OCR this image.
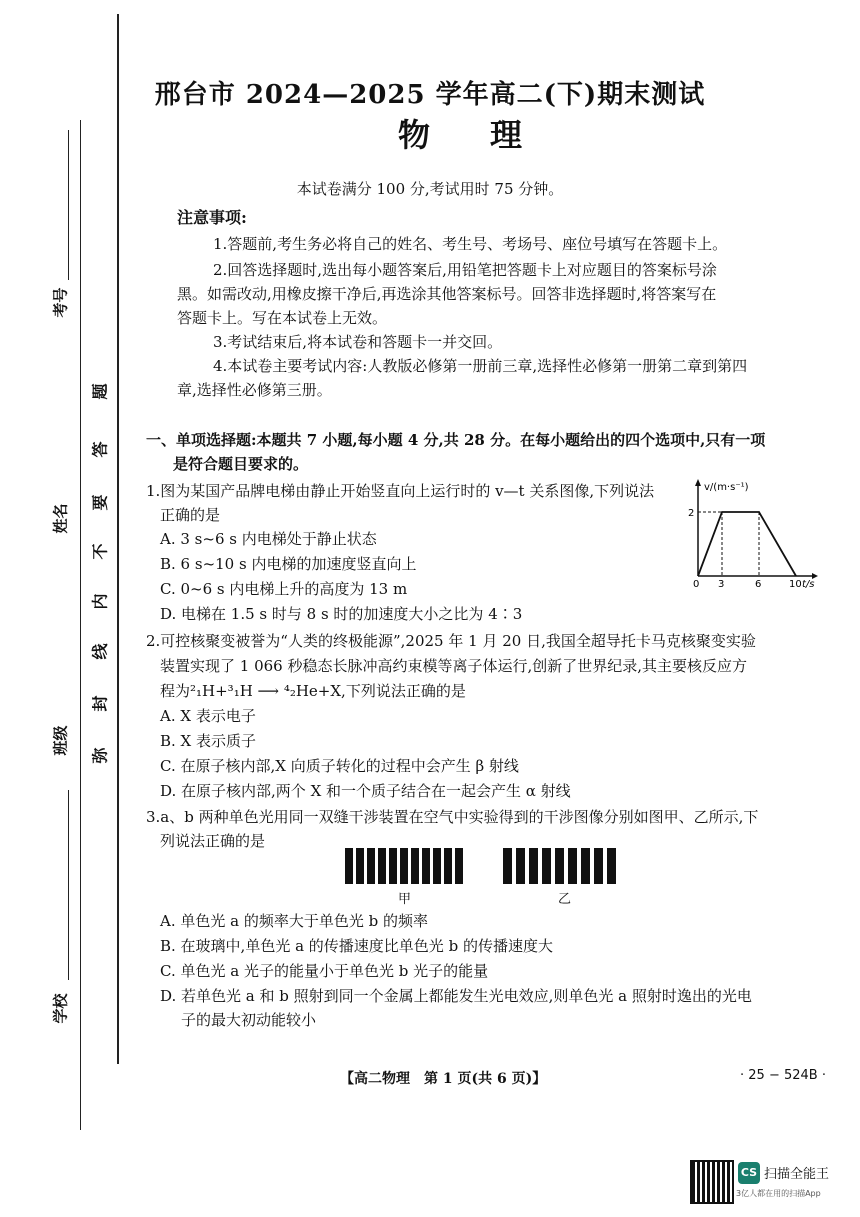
考号
姓名
班级
学校
题
答
要
不
内
线
封
弥
邢台市 2024—2025 学年高二(下)期末测试
物理
本试卷满分 100 分,考试用时 75 分钟。
注意事项:
1.答题前,考生务必将自己的姓名、考生号、考场号、座位号填写在答题卡上。
2.回答选择题时,选出每小题答案后,用铅笔把答题卡上对应题目的答案标号涂
黑。如需改动,用橡皮擦干净后,再选涂其他答案标号。回答非选择题时,将答案写在
答题卡上。写在本试卷上无效。
3.考试结束后,将本试卷和答题卡一并交回。
4.本试卷主要考试内容:人教版必修第一册前三章,选择性必修第一册第二章到第四
章,选择性必修第三册。
一、单项选择题:本题共 7 小题,每小题 4 分,共 28 分。在每小题给出的四个选项中,只有一项
是符合题目要求的。
1.图为某国产品牌电梯由静止开始竖直向上运行时的 v—t 关系图像,下列说法
正确的是
A. 3 s~6 s 内电梯处于静止状态
B. 6 s~10 s 内电梯的加速度竖直向上
C. 0~6 s 内电梯上升的高度为 13 m
D. 电梯在 1.5 s 时与 8 s 时的加速度大小之比为 4∶3
v/(m·s⁻¹)
2
0 3	6	10 t/s
2.可控核聚变被誉为“人类的终极能源”,2025 年 1 月 20 日,我国全超导托卡马克核聚变实验
装置实现了 1 066 秒稳态长脉冲高约束模等离子体运行,创新了世界纪录,其主要核反应方
程为²₁H+³₁H ⟶ ⁴₂He+X,下列说法正确的是
A. X 表示电子
B. X 表示质子
C. 在原子核内部,X 向质子转化的过程中会产生 β 射线
D. 在原子核内部,两个 X 和一个质子结合在一起会产生 α 射线
3.a、b 两种单色光用同一双缝干涉装置在空气中实验得到的干涉图像分别如图甲、乙所示,下
列说法正确的是
甲	乙
A. 单色光 a 的频率大于单色光 b 的频率
B. 在玻璃中,单色光 a 的传播速度比单色光 b 的传播速度大
C. 单色光 a 光子的能量小于单色光 b 光子的能量
D. 若单色光 a 和 b 照射到同一个金属上都能发生光电效应,则单色光 a 照射时逸出的光电
子的最大初动能较小
【高二物理　第 1 页(共 6 页)】	· 25 − 524B ·
CS 扫描全能王
3亿人都在用的扫描App
